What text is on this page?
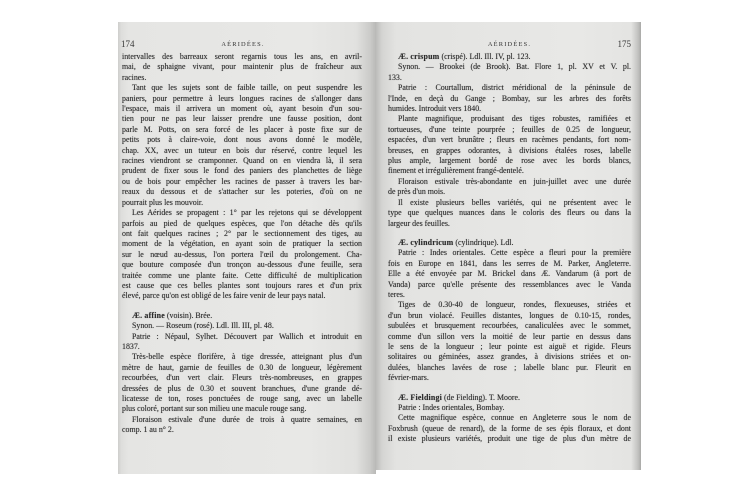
174	AÉRIDÉES.
intervalles des barreaux seront regarnis tous les ans, en avril-
mai, de sphaigne vivant, pour maintenir plus de fraîcheur aux
racines.
Tant que les sujets sont de faible taille, on peut suspendre les
paniers, pour permettre à leurs longues racines de s'allonger dans
l'espace, mais il arrivera un moment où, ayant besoin d'un sou-
tien pour ne pas leur laisser prendre une fausse position, dont
parle M. Potts, on sera forcé de les placer à poste fixe sur de
petits pots à claire-voie, dont nous avons donné le modèle,
chap. XX, avec un tuteur en bois dur réservé, contre lequel les
racines viendront se cramponner. Quand on en viendra là, il sera
prudent de fixer sous le fond des paniers des planchettes de liège
ou de bois pour empêcher les racines de passer à travers les bar-
reaux du dessous et de s'attacher sur les poteries, d'où on ne
pourrait plus les mouvoir.
Les Aérides se propagent : 1° par les rejetons qui se développent
parfois au pied de quelques espèces, que l'on détache dès qu'ils
ont fait quelques racines ; 2° par le sectionnement des tiges, au
moment de la végétation, en ayant soin de pratiquer la section
sur le nœud au-dessus, l'on portera l'œil du prolongement. Cha-
que bouture composée d'un tronçon au-dessous d'une feuille, sera
traitée comme une plante faite. Cette difficulté de multiplication
est cause que ces belles plantes sont toujours rares et d'un prix
élevé, parce qu'on est obligé de les faire venir de leur pays natal.
Æ. affine (voisin). Brée.
Synon. — Roseum (rosé). Ldl. Ill. III, pl. 48.
Patrie : Népaul, Sylhet. Découvert par Wallich et introduit en
1837.
Très-belle espèce florifère, à tige dressée, atteignant plus d'un
mètre de haut, garnie de feuilles de 0.30 de longueur, légèrement
recourbées, d'un vert clair. Fleurs très-nombreuses, en grappes
dressées de plus de 0.30 et souvent branchues, d'une grande dé-
licatesse de ton, roses ponctuées de rouge sang, avec un labelle
plus coloré, portant sur son milieu une macule rouge sang.
Floraison estivale d'une durée de trois à quatre semaines, en
comp. 1 au n° 2.
AÉRIDÉES.	175
Æ. crispum (crispé). Ldl. Ill. IV, pl. 123.
Synon. — Brookei (de Brook). Bat. Flore 1, pl. XV et V. pl.
133.
Patrie : Courtallum, district méridional de la péninsule de
l'Inde, en deçà du Gange ; Bombay, sur les arbres des forêts
humides. Introduit vers 1840.
Plante magnifique, produisant des tiges robustes, ramifiées et
tortueuses, d'une teinte pourprée ; feuilles de 0.25 de longueur,
espacées, d'un vert brunâtre ; fleurs en racèmes pendants, fort nom-
breuses, en grappes odorantes, à divisions étalées roses, labelle
plus ample, largement bordé de rose avec les bords blancs,
finement et irrégulièrement frangé-dentelé.
Floraison estivale très-abondante en juin-juillet avec une durée
de près d'un mois.
Il existe plusieurs belles variétés, qui ne présentent avec le
type que quelques nuances dans le coloris des fleurs ou dans la
largeur des feuilles.
Æ. cylindricum (cylindrique). Ldl.
Patrie : Indes orientales. Cette espèce a fleuri pour la première
fois en Europe en 1841, dans les serres de M. Parker, Angleterre.
Elle a été envoyée par M. Brickel dans Æ. Vandarum (à port de
Vanda) parce qu'elle présente des ressemblances avec le Vanda
teres.
Tiges de 0.30-40 de longueur, rondes, flexueuses, striées et
d'un brun violacé. Feuilles distantes, longues de 0.10-15, rondes,
subulées et brusquement recourbées, canaliculées avec le sommet,
comme d'un sillon vers la moitié de leur partie en dessus dans
le sens de la longueur ; leur pointe est aiguë et rigide. Fleurs
solitaires ou géminées, assez grandes, à divisions striées et on-
dulées, blanches lavées de rose ; labelle blanc pur. Fleurit en
février-mars.
Æ. Fieldingi (de Fielding). T. Moore.
Patrie : Indes orientales, Bombay.
Cette magnifique espèce, connue en Angleterre sous le nom de
Foxbrush (queue de renard), de la forme de ses épis floraux, et dont
il existe plusieurs variétés, produit une tige de plus d'un mètre de
